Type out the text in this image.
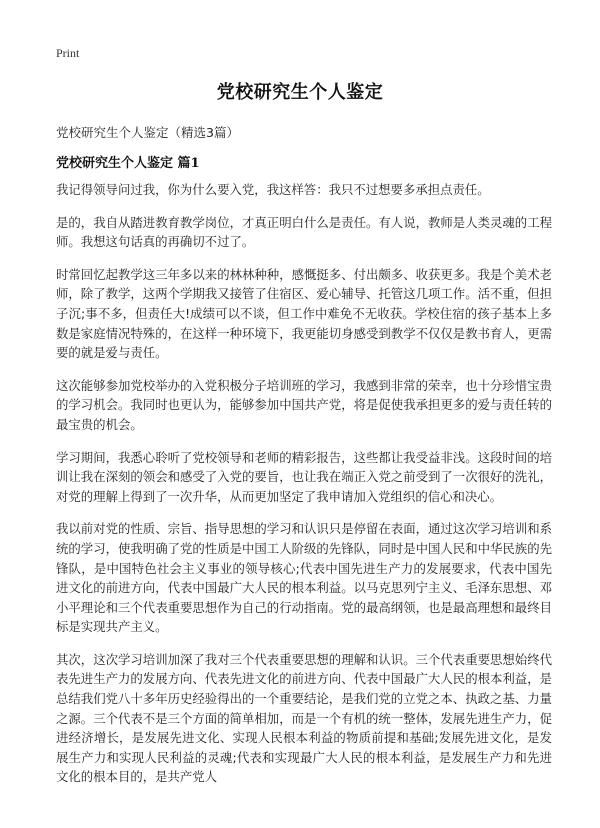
Print
党校研究生个人鉴定
党校研究生个人鉴定（精选3篇）
党校研究生个人鉴定 篇1

我记得领导问过我，你为什么要入党，我这样答：我只不过想要多承担点责任。

是的，我自从踏进教育教学岗位，才真正明白什么是责任。有人说，教师是人类灵魂的工程师。我想这句话真的再确切不过了。

时常回忆起教学这三年多以来的林林种种，感慨挺多、付出颇多、收获更多。我是个美术老师，除了教学，这两个学期我又接管了住宿区、爱心辅导、托管这几项工作。活不重，但担子沉;事不多，但责任大!成绩可以不谈，但工作中难免不无收获。学校住宿的孩子基本上多数是家庭情况特殊的，在这样一种环境下，我更能切身感受到教学不仅仅是教书育人，更需要的就是爱与责任。

这次能够参加党校举办的入党积极分子培训班的学习，我感到非常的荣幸，也十分珍惜宝贵的学习机会。我同时也更认为，能够参加中国共产党，将是促使我承担更多的爱与责任转的最宝贵的机会。

学习期间，我悉心聆听了党校领导和老师的精彩报告，这些都让我受益非浅。这段时间的培训让我在深刻的领会和感受了入党的要旨，也让我在端正入党之前受到了一次很好的洗礼，对党的理解上得到了一次升华，从而更加坚定了我申请加入党组织的信心和决心。

我以前对党的性质、宗旨、指导思想的学习和认识只是停留在表面，通过这次学习培训和系统的学习，使我明确了党的性质是中国工人阶级的先锋队，同时是中国人民和中华民族的先锋队，是中国特色社会主义事业的领导核心;代表中国先进生产力的发展要求，代表中国先进文化的前进方向，代表中国最广大人民的根本利益。以马克思列宁主义、毛泽东思想、邓小平理论和三个代表重要思想作为自己的行动指南。党的最高纲领，也是最高理想和最终目标是实现共产主义。

其次，这次学习培训加深了我对三个代表重要思想的理解和认识。三个代表重要思想始终代表先进生产力的发展方向、代表先进文化的前进方向、代表中国最广大人民的根本利益，是总结我们党八十多年历史经验得出的一个重要结论，是我们党的立党之本、执政之基、力量之源。三个代表不是三个方面的简单相加，而是一个有机的统一整体，发展先进生产力，促进经济增长，是发展先进文化、实现人民根本利益的物质前提和基础;发展先进文化，是发展生产力和实现人民利益的灵魂;代表和实现最广大人民的根本利益，是发展生产力和先进文化的根本目的，是共产党人
